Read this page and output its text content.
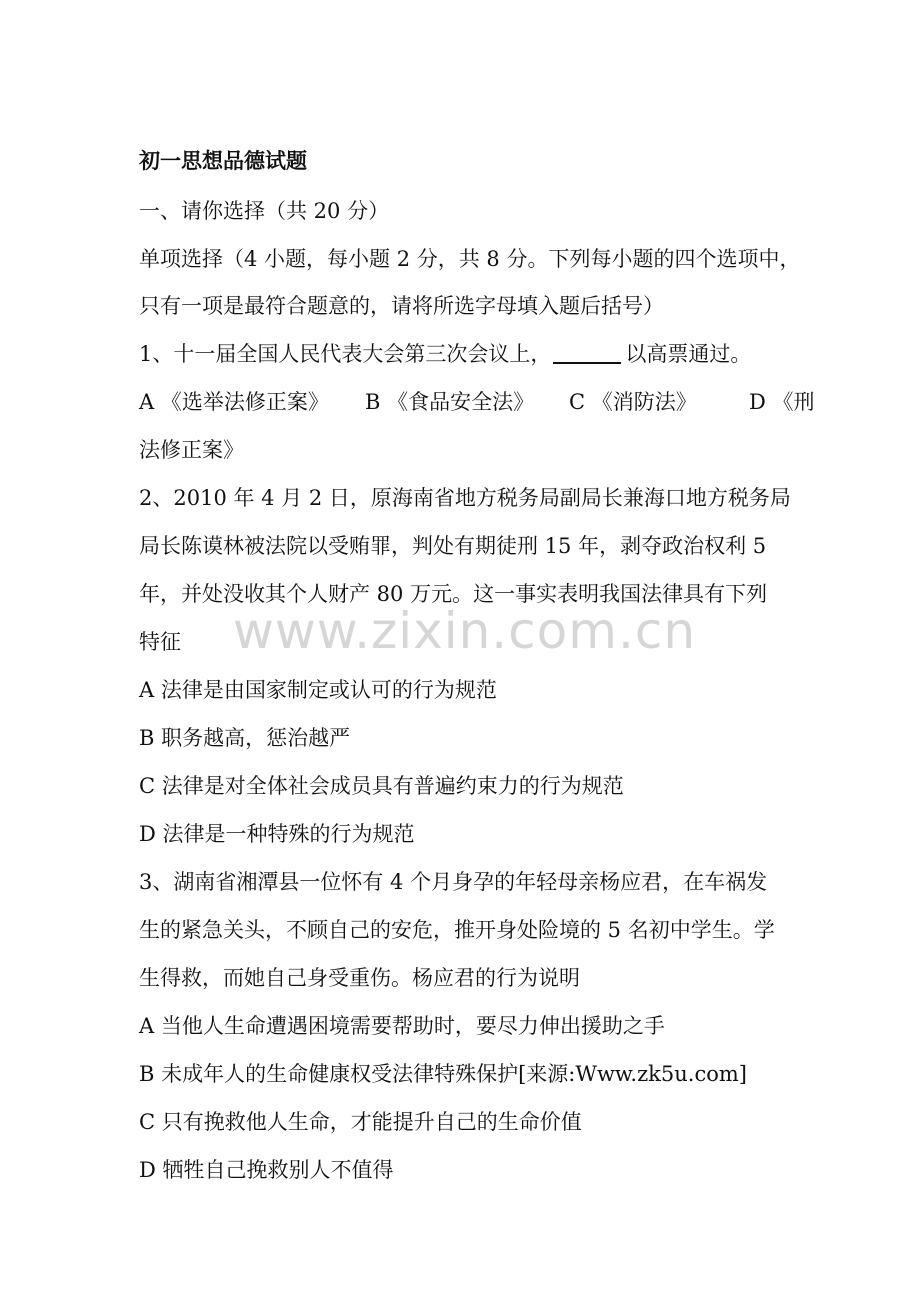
初一思想品德试题
一、请你选择（共 20 分）
单项选择（4 小题，每小题 2 分，共 8 分。下列每小题的四个选项中，
只有一项是最符合题意的，请将所选字母填入题后括号）
1、十一届全国人民代表大会第三次会议上，	以高票通过。
A 《选举法修正案》 B 《食品安全法》 C 《消防法》 D 《刑
法修正案》
2、2010 年 4 月 2 日，原海南省地方税务局副局长兼海口地方税务局
局长陈谟林被法院以受贿罪，判处有期徒刑 15 年，剥夺政治权利 5
年，并处没收其个人财产 80 万元。这一事实表明我国法律具有下列
特征
A 法律是由国家制定或认可的行为规范
B 职务越高，惩治越严
C 法律是对全体社会成员具有普遍约束力的行为规范
D 法律是一种特殊的行为规范
3、湖南省湘潭县一位怀有 4 个月身孕的年轻母亲杨应君，在车祸发
生的紧急关头，不顾自己的安危，推开身处险境的 5 名初中学生。学
生得救，而她自己身受重伤。杨应君的行为说明
A 当他人生命遭遇困境需要帮助时，要尽力伸出援助之手
B 未成年人的生命健康权受法律特殊保护[来源:Www.zk5u.com]
C 只有挽救他人生命，才能提升自己的生命价值
D 牺牲自己挽救别人不值得
www.zixin.com.cn
